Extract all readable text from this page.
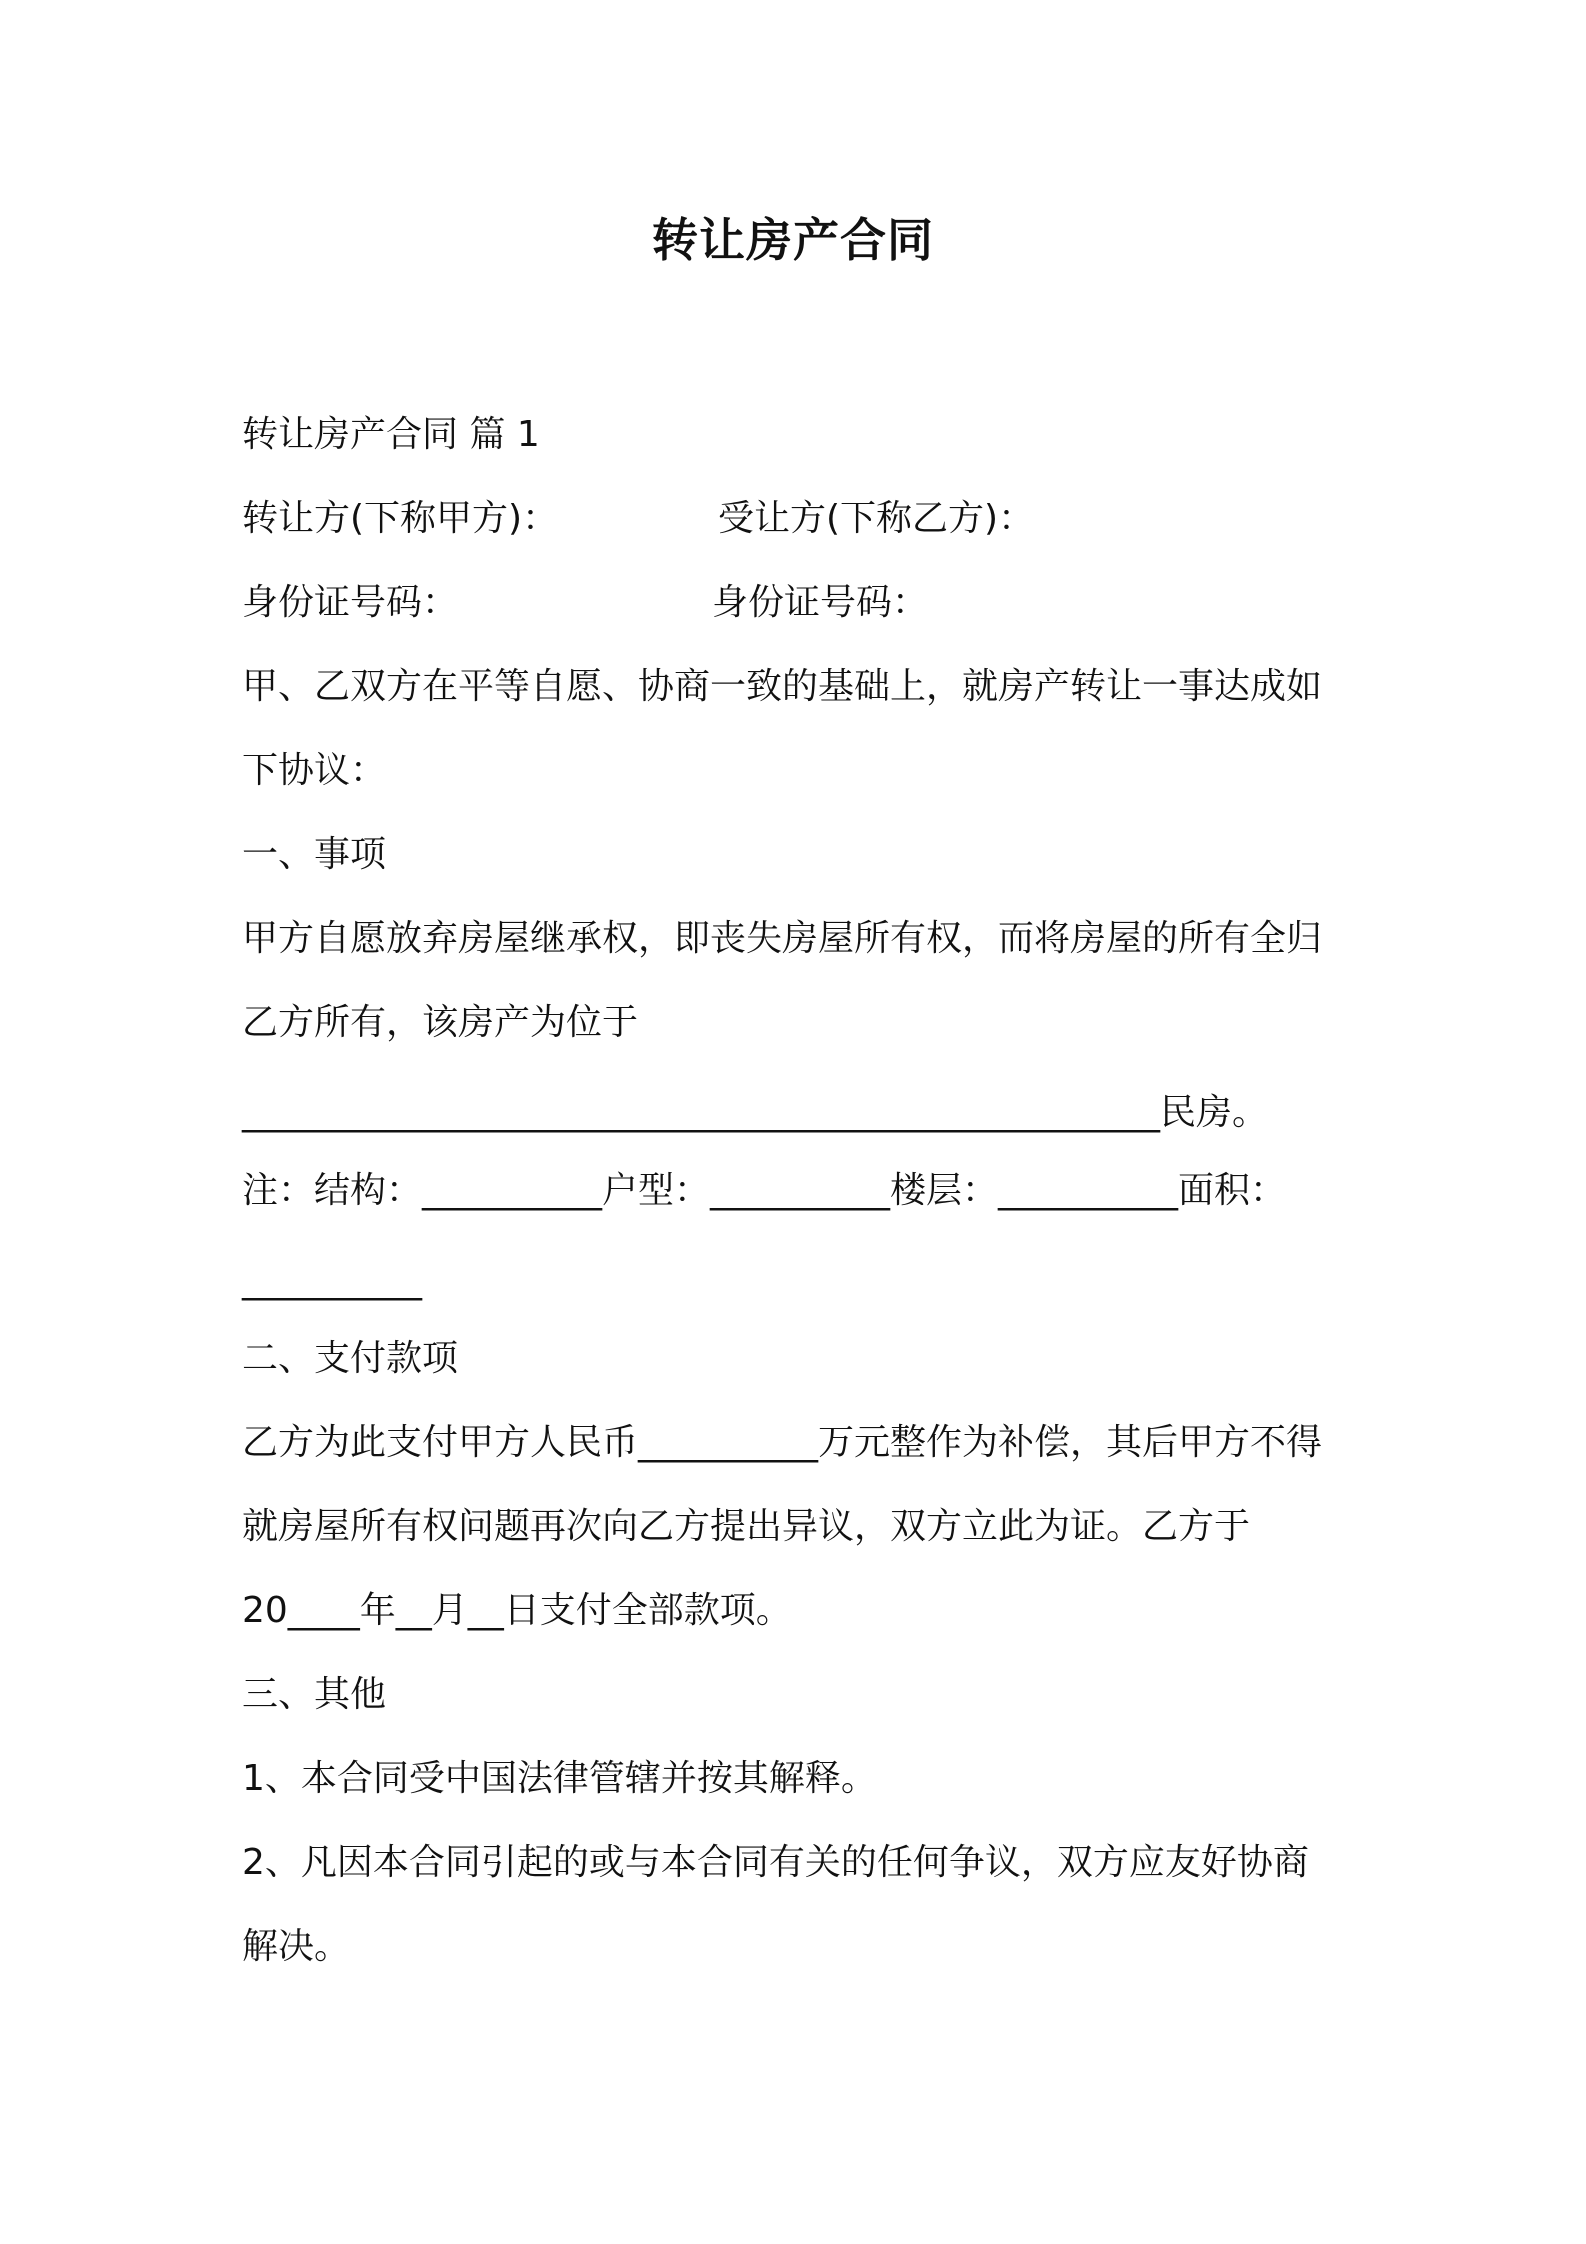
转让房产合同
转让房产合同 篇 1
转让方(下称甲方)：	受让方(下称乙方)：
身份证号码：	身份证号码：
甲、乙双方在平等自愿、协商一致的基础上，就房产转让一事达成如
下协议：
一、事项
甲方自愿放弃房屋继承权，即丧失房屋所有权，而将房屋的所有全归
乙方所有，该房产为位于
___________________________________________________民房。
注：结构：__________户型：__________楼层：__________面积：
__________
二、支付款项
乙方为此支付甲方人民币__________万元整作为补偿，其后甲方不得
就房屋所有权问题再次向乙方提出异议，双方立此为证。乙方于
20____年__月__日支付全部款项。
三、其他
1、本合同受中国法律管辖并按其解释。
2、凡因本合同引起的或与本合同有关的任何争议，双方应友好协商
解决。
